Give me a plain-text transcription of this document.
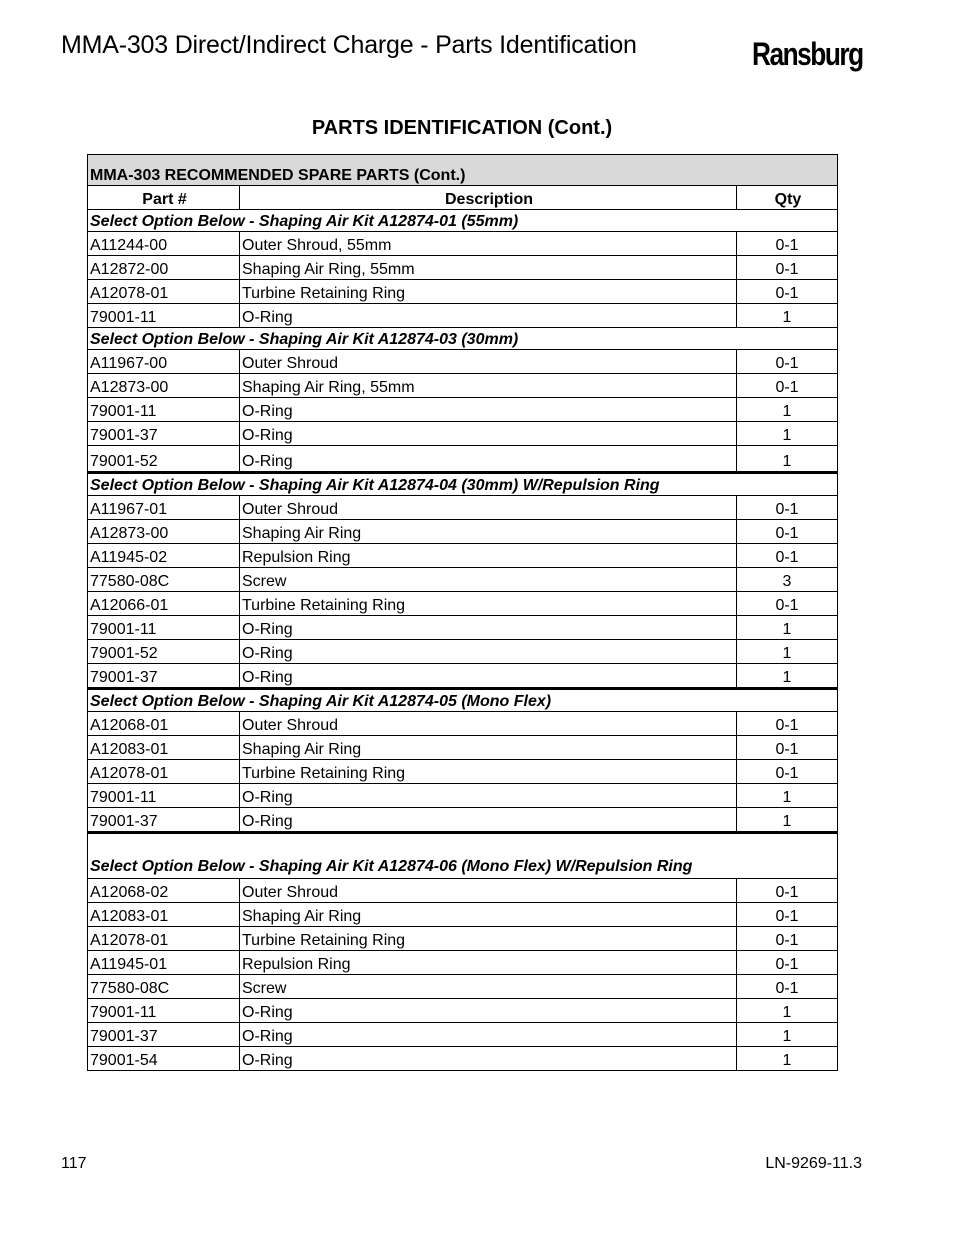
MMA-303 Direct/Indirect Charge - Parts Identification	Ransburg
PARTS IDENTIFICATION (Cont.)
MMA-303 RECOMMENDED SPARE PARTS (Cont.)		
Part #	Description	Qty
Select Option Below - Shaping Air Kit A12874-01 (55mm)		
A11244-00	Outer Shroud, 55mm	0-1
A12872-00	Shaping Air Ring, 55mm	0-1
A12078-01	Turbine Retaining Ring	0-1
79001-11	O-Ring	1
Select Option Below - Shaping Air Kit A12874-03 (30mm)		
A11967-00	Outer Shroud	0-1
A12873-00	Shaping Air Ring, 55mm	0-1
79001-11	O-Ring	1
79001-37	O-Ring	1
79001-52	O-Ring	1
Select Option Below - Shaping Air Kit A12874-04 (30mm) W/Repulsion Ring		
A11967-01	Outer Shroud	0-1
A12873-00	Shaping Air Ring	0-1
A11945-02	Repulsion Ring	0-1
77580-08C	Screw	3
A12066-01	Turbine Retaining Ring	0-1
79001-11	O-Ring	1
79001-52	O-Ring	1
79001-37	O-Ring	1
Select Option Below - Shaping Air Kit A12874-05 (Mono Flex)		
A12068-01	Outer Shroud	0-1
A12083-01	Shaping Air Ring	0-1
A12078-01	Turbine Retaining Ring	0-1
79001-11	O-Ring	1
79001-37	O-Ring	1

Select Option Below - Shaping Air Kit A12874-06 (Mono Flex) W/Repulsion Ring		

A12068-02	Outer Shroud	0-1
A12083-01	Shaping Air Ring	0-1
A12078-01	Turbine Retaining Ring	0-1
A11945-01	Repulsion Ring	0-1
77580-08C	Screw	0-1
79001-11	O-Ring	1
79001-37	O-Ring	1
79001-54	O-Ring	1
117	LN-9269-11.3
